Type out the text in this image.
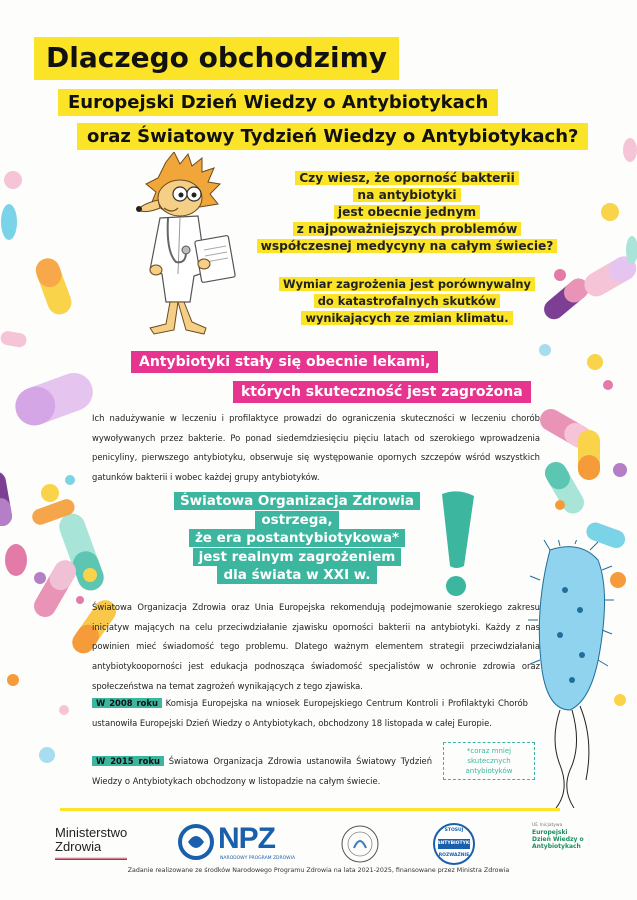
Dlaczego obchodzimy
Europejski Dzień Wiedzy o Antybiotykach
oraz Światowy Tydzień Wiedzy o Antybiotykach?
Czy wiesz, że oporność bakterii
na antybiotyki
jest obecnie jednym
z najpoważniejszych problemów
współczesnej medycyny na całym świecie?
Wymiar zagrożenia jest porównywalny
do katastrofalnych skutków
wynikających ze zmian klimatu.
Antybiotyki stały się obecnie lekami,
których skuteczność jest zagrożona
Ich nadużywanie w leczeniu i profilaktyce prowadzi do ograniczenia skuteczności w leczeniu chorób wywoływanych przez bakterie. Po ponad siedemdziesięciu pięciu latach od szerokiego wprowadzenia penicyliny, pierwszego antybiotyku, obserwuje się występowanie opornych szczepów wśród wszystkich gatunków bakterii i wobec każdej grupy antybiotyków.
Światowa Organizacja Zdrowia
ostrzega,
że era postantybiotykowa*
jest realnym zagrożeniem
dla świata w XXI w.
Światowa Organizacja Zdrowia oraz Unia Europejska rekomendują podejmowanie szerokiego zakresu inicjatyw mających na celu przeciwdziałanie zjawisku oporności bakterii na antybiotyki. Każdy z nas powinien mieć świadomość tego problemu. Dlatego ważnym elementem strategii przeciwdziałania antybiotykooporności jest edukacja podnosząca świadomość specjalistów w ochronie zdrowia oraz społeczeństwa na temat zagrożeń wynikających z tego zjawiska.
W 2008 roku Komisja Europejska na wniosek Europejskiego Centrum Kontroli i Profilaktyki Chorób ustanowiła Europejski Dzień Wiedzy o Antybiotykach, obchodzony 18 listopada w całej Europie.
W 2015 roku Światowa Organizacja Zdrowia ustanowiła Światowy Tydzień Wiedzy o Antybiotykach obchodzony w listopadzie na całym świecie.
*coraz mniej
skutecznych
antybiotyków
Ministerstwo
Zdrowia	NPZ
NARODOWY PROGRAM ZDROWIA
STOSUJ
ANTYBIOTYKI
ROZWAŻNIE
UE Inicjatywa
Europejski
Dzień Wiedzy o
Antybiotykach
Zadanie realizowane ze środków Narodowego Programu Zdrowia na lata 2021-2025, finansowane przez Ministra Zdrowia
